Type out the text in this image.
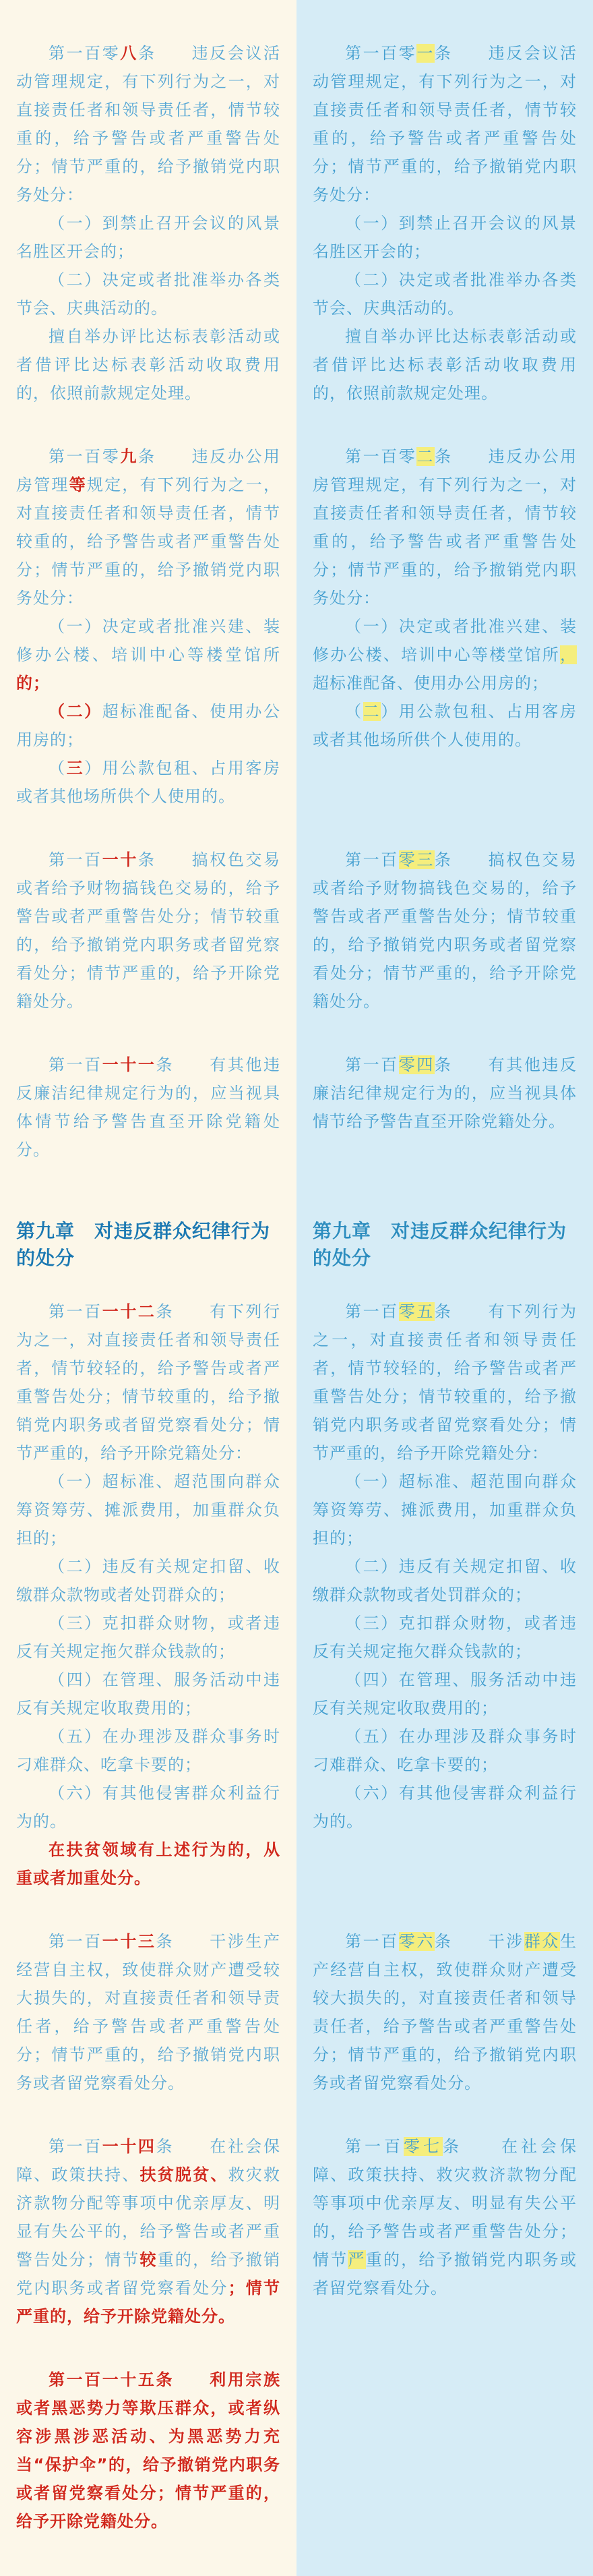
第一百零八条　　违反会议活动管理规定，有下列行为之一，对直接责任者和领导责任者，情节较重的，给予警告或者严重警告处分；情节严重的，给予撤销党内职务处分：

（一）到禁止召开会议的风景名胜区开会的；

（二）决定或者批准举办各类节会、庆典活动的。

擅自举办评比达标表彰活动或者借评比达标表彰活动收取费用的，依照前款规定处理。

第一百零一条　　违反会议活动管理规定，有下列行为之一，对直接责任者和领导责任者，情节较重的，给予警告或者严重警告处分；情节严重的，给予撤销党内职务处分：

（一）到禁止召开会议的风景名胜区开会的；

（二）决定或者批准举办各类节会、庆典活动的。

擅自举办评比达标表彰活动或者借评比达标表彰活动收取费用的，依照前款规定处理。

第一百零九条　　违反办公用房管理等规定，有下列行为之一，对直接责任者和领导责任者，情节较重的，给予警告或者严重警告处分；情节严重的，给予撤销党内职务处分：

（一）决定或者批准兴建、装修办公楼、培训中心等楼堂馆所的；

（二）超标准配备、使用办公用房的；

（三）用公款包租、占用客房或者其他场所供个人使用的。

第一百零二条　　违反办公用房管理规定，有下列行为之一，对直接责任者和领导责任者，情节较重的，给予警告或者严重警告处分；情节严重的，给予撤销党内职务处分：

（一）决定或者批准兴建、装修办公楼、培训中心等楼堂馆所，超标准配备、使用办公用房的；

（二）用公款包租、占用客房或者其他场所供个人使用的。

第一百一十条　　搞权色交易或者给予财物搞钱色交易的，给予警告或者严重警告处分；情节较重的，给予撤销党内职务或者留党察看处分；情节严重的，给予开除党籍处分。

第一百零三条　　搞权色交易或者给予财物搞钱色交易的，给予警告或者严重警告处分；情节较重的，给予撤销党内职务或者留党察看处分；情节严重的，给予开除党籍处分。

第一百一十一条　　有其他违反廉洁纪律规定行为的，应当视具体情节给予警告直至开除党籍处分。

第一百零四条　　有其他违反廉洁纪律规定行为的，应当视具体情节给予警告直至开除党籍处分。

第九章　对违反群众纪律行为的处分
第九章　对违反群众纪律行为的处分

第一百一十二条　　有下列行为之一，对直接责任者和领导责任者，情节较轻的，给予警告或者严重警告处分；情节较重的，给予撤销党内职务或者留党察看处分；情节严重的，给予开除党籍处分：

（一）超标准、超范围向群众筹资筹劳、摊派费用，加重群众负担的；

（二）违反有关规定扣留、收缴群众款物或者处罚群众的；

（三）克扣群众财物，或者违反有关规定拖欠群众钱款的；

（四）在管理、服务活动中违反有关规定收取费用的；

（五）在办理涉及群众事务时刁难群众、吃拿卡要的；

（六）有其他侵害群众利益行为的。

在扶贫领域有上述行为的，从重或者加重处分。

第一百零五条　　有下列行为之一，对直接责任者和领导责任者，情节较轻的，给予警告或者严重警告处分；情节较重的，给予撤销党内职务或者留党察看处分；情节严重的，给予开除党籍处分：

（一）超标准、超范围向群众筹资筹劳、摊派费用，加重群众负担的；

（二）违反有关规定扣留、收缴群众款物或者处罚群众的；

（三）克扣群众财物，或者违反有关规定拖欠群众钱款的；

（四）在管理、服务活动中违反有关规定收取费用的；

（五）在办理涉及群众事务时刁难群众、吃拿卡要的；

（六）有其他侵害群众利益行为的。

第一百一十三条　　干涉生产经营自主权，致使群众财产遭受较大损失的，对直接责任者和领导责任者，给予警告或者严重警告处分；情节严重的，给予撤销党内职务或者留党察看处分。

第一百零六条　　干涉群众生产经营自主权，致使群众财产遭受较大损失的，对直接责任者和领导责任者，给予警告或者严重警告处分；情节严重的，给予撤销党内职务或者留党察看处分。

第一百一十四条　　在社会保障、政策扶持、扶贫脱贫、救灾救济款物分配等事项中优亲厚友、明显有失公平的，给予警告或者严重警告处分；情节较重的，给予撤销党内职务或者留党察看处分；情节严重的，给予开除党籍处分。

第一百零七条　　在社会保障、政策扶持、救灾救济款物分配等事项中优亲厚友、明显有失公平的，给予警告或者严重警告处分；情节严重的，给予撤销党内职务或者留党察看处分。

第一百一十五条　　利用宗族或者黑恶势力等欺压群众，或者纵容涉黑涉恶活动、为黑恶势力充当“保护伞”的，给予撤销党内职务或者留党察看处分；情节严重的，给予开除党籍处分。
